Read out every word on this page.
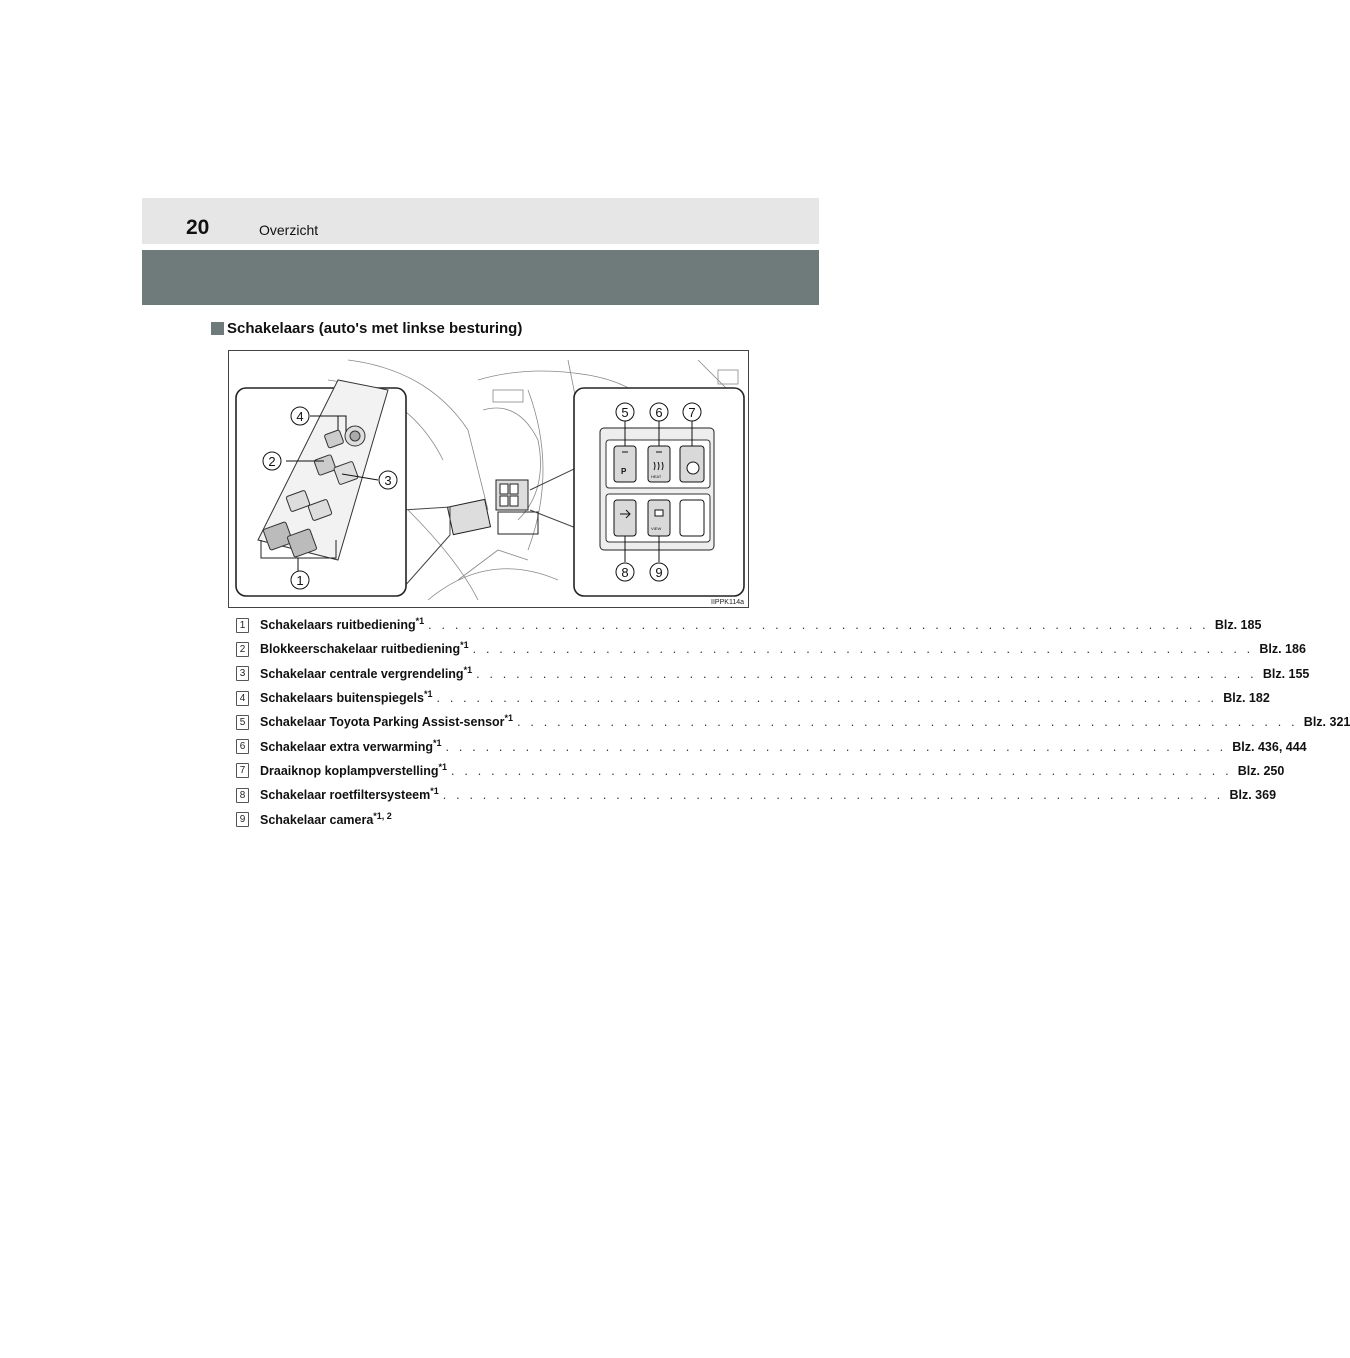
20	Overzicht
Schakelaars (auto's met linkse besturing)
P
HEAT
VIEW
1
2
3
4	5 6 7
8 9
IIPPK114a
1 Schakelaars ruitbediening$^{*1}$ . . . . . . . . . . . . . . . . . . . . . . . . . . . . . . . . . . . . . . . . . . . . . . . . . . . . . . . . . . . Blz. 185
2 Blokkeerschakelaar ruitbediening$^{*1}$ . . . . . . . . . . . . . . . . . . . . . . . . . . . . . . . . . . . . . . . . . . . . . . . . . . . . . . . . . . . Blz. 186
3 Schakelaar centrale vergrendeling$^{*1}$ . . . . . . . . . . . . . . . . . . . . . . . . . . . . . . . . . . . . . . . . . . . . . . . . . . . . . . . . . . . Blz. 155
4 Schakelaars buitenspiegels$^{*1}$ . . . . . . . . . . . . . . . . . . . . . . . . . . . . . . . . . . . . . . . . . . . . . . . . . . . . . . . . . . . Blz. 182
5 Schakelaar Toyota Parking Assist-sensor$^{*1}$ . . . . . . . . . . . . . . . . . . . . . . . . . . . . . . . . . . . . . . . . . . . . . . . . . . . . . . . . . . . Blz. 321
6 Schakelaar extra verwarming$^{*1}$ . . . . . . . . . . . . . . . . . . . . . . . . . . . . . . . . . . . . . . . . . . . . . . . . . . . . . . . . . . . Blz. 436, 444
7 Draaiknop koplampverstelling$^{*1}$ . . . . . . . . . . . . . . . . . . . . . . . . . . . . . . . . . . . . . . . . . . . . . . . . . . . . . . . . . . . Blz. 250
8 Schakelaar roetfiltersysteem$^{*1}$ . . . . . . . . . . . . . . . . . . . . . . . . . . . . . . . . . . . . . . . . . . . . . . . . . . . . . . . . . . . Blz. 369
9 Schakelaar camera$^{*1, 2}$
